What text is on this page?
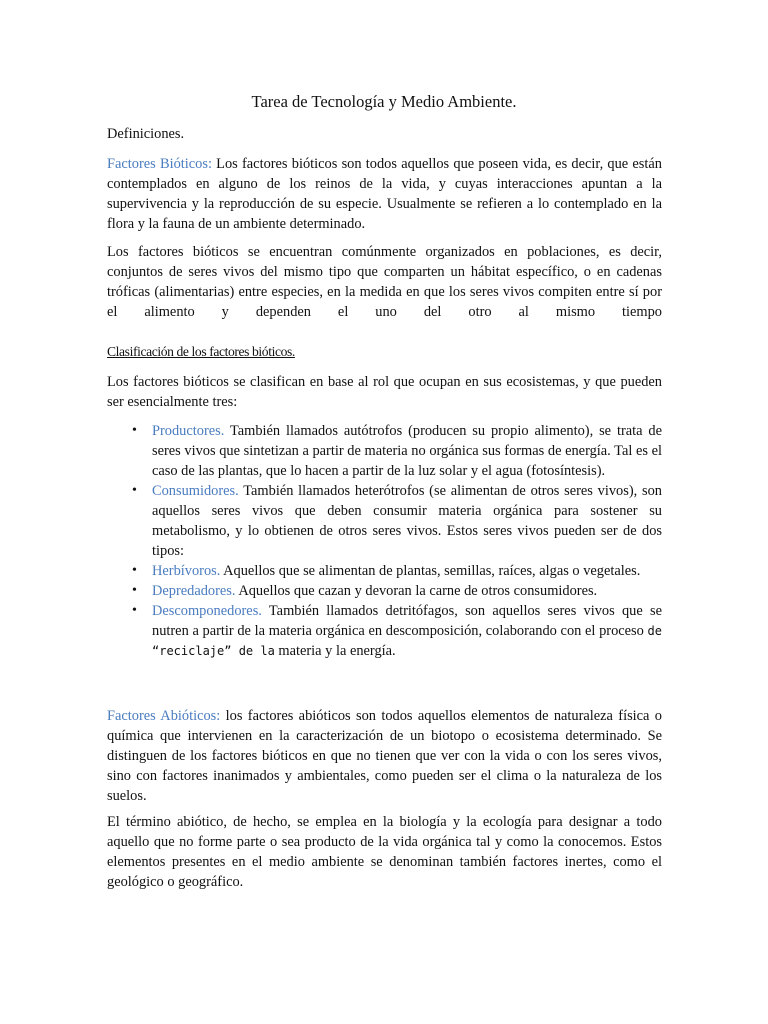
Tarea de Tecnología y Medio Ambiente.

Definiciones.

Factores Bióticos: Los factores bióticos son todos aquellos que poseen vida, es decir, que están contemplados en alguno de los reinos de la vida, y cuyas interacciones apuntan a la supervivencia y la reproducción de su especie. Usualmente se refieren a lo contemplado en la flora y la fauna de un ambiente determinado.

Los factores bióticos se encuentran comúnmente organizados en poblaciones, es decir, conjuntos de seres vivos del mismo tipo que comparten un hábitat específico, o en cadenas tróficas (alimentarias) entre especies, en la medida en que los seres vivos compiten entre sí por el alimento y dependen el uno del otro al mismo tiempo

Clasificación de los factores bióticos.

Los factores bióticos se clasifican en base al rol que ocupan en sus ecosistemas, y que pueden ser esencialmente tres:

•	Productores. También llamados autótrofos (producen su propio alimento), se trata de seres vivos que sintetizan a partir de materia no orgánica sus formas de energía. Tal es el caso de las plantas, que lo hacen a partir de la luz solar y el agua (fotosíntesis).
•	Consumidores. También llamados heterótrofos (se alimentan de otros seres vivos), son aquellos seres vivos que deben consumir materia orgánica para sostener su metabolismo, y lo obtienen de otros seres vivos. Estos seres vivos pueden ser de dos tipos:
•	Herbívoros. Aquellos que se alimentan de plantas, semillas, raíces, algas o vegetales.
•	Depredadores. Aquellos que cazan y devoran la carne de otros consumidores.
•	Descomponedores. También llamados detritófagos, son aquellos seres vivos que se nutren a partir de la materia orgánica en descomposición, colaborando con el proceso de “reciclaje” de la materia y la energía.

Factores Abióticos: los factores abióticos son todos aquellos elementos de naturaleza física o química que intervienen en la caracterización de un biotopo o ecosistema determinado. Se distinguen de los factores bióticos en que no tienen que ver con la vida o con los seres vivos, sino con factores inanimados y ambientales, como pueden ser el clima o la naturaleza de los suelos.

El término abiótico, de hecho, se emplea en la biología y la ecología para designar a todo aquello que no forme parte o sea producto de la vida orgánica tal y como la conocemos. Estos elementos presentes en el medio ambiente se denominan también factores inertes, como el geológico o geográfico.
